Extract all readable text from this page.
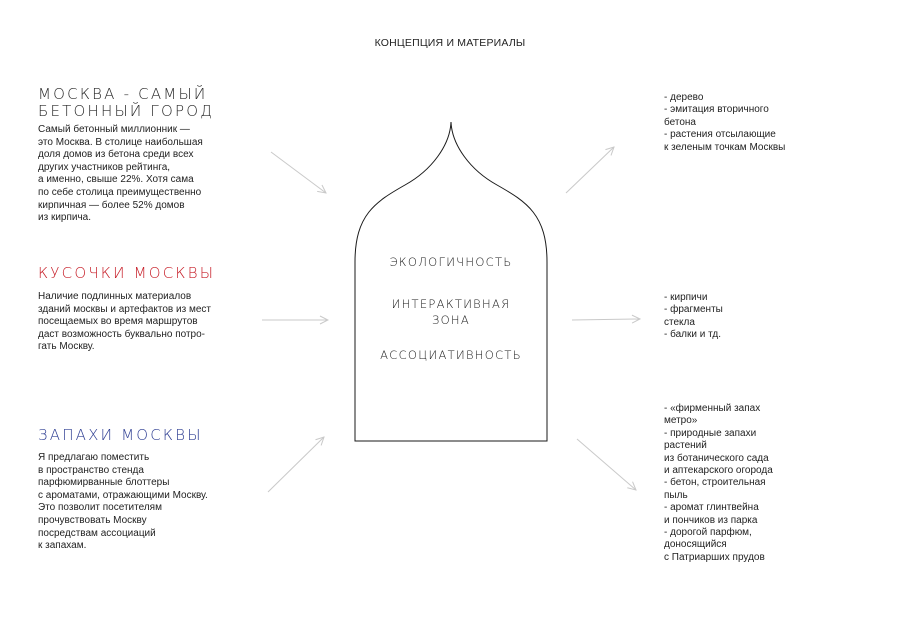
КОНЦЕПЦИЯ И МАТЕРИАЛЫ
МОСКВА - САМЫЙ
БЕТОННЫЙ ГОРОД
Самый бетонный миллионник —
это Москва. В столице наибольшая
доля домов из бетона среди всех
других участников рейтинга,
а именно, свыше 22%. Хотя сама
по себе столица преимущественно
кирпичная — более 52% домов
из кирпича.
КУСОЧКИ МОСКВЫ
Наличие подлинных материалов
зданий москвы и артефактов из мест
посещаемых во время маршрутов
даст возможность буквально потро-
гать Москву.
ЗАПАХИ МОСКВЫ
Я предлагаю поместить
в пространство стенда
парфюмирванные блоттеры
с ароматами, отражающими Москву.
Это позволит посетителям
прочувствовать Москву
посредствам ассоциаций
к запахам.
ЭКОЛОГИЧНОСТЬ
ИНТЕРАКТИВНАЯ
ЗОНА
АССОЦИАТИВНОСТЬ
- дерево
- эмитация вторичного
бетона
- растения отсылающие
к зеленым точкам Москвы
- кирпичи
- фрагменты
стекла
- балки и тд.
- «фирменный запах
метро»
- природные запахи
растений
из ботанического сада
и аптекарского огорода
- бетон, строительная
пыль
- аромат глинтвейна
и пончиков из парка
- дорогой парфюм,
доносящийся
с Патриарших прудов
